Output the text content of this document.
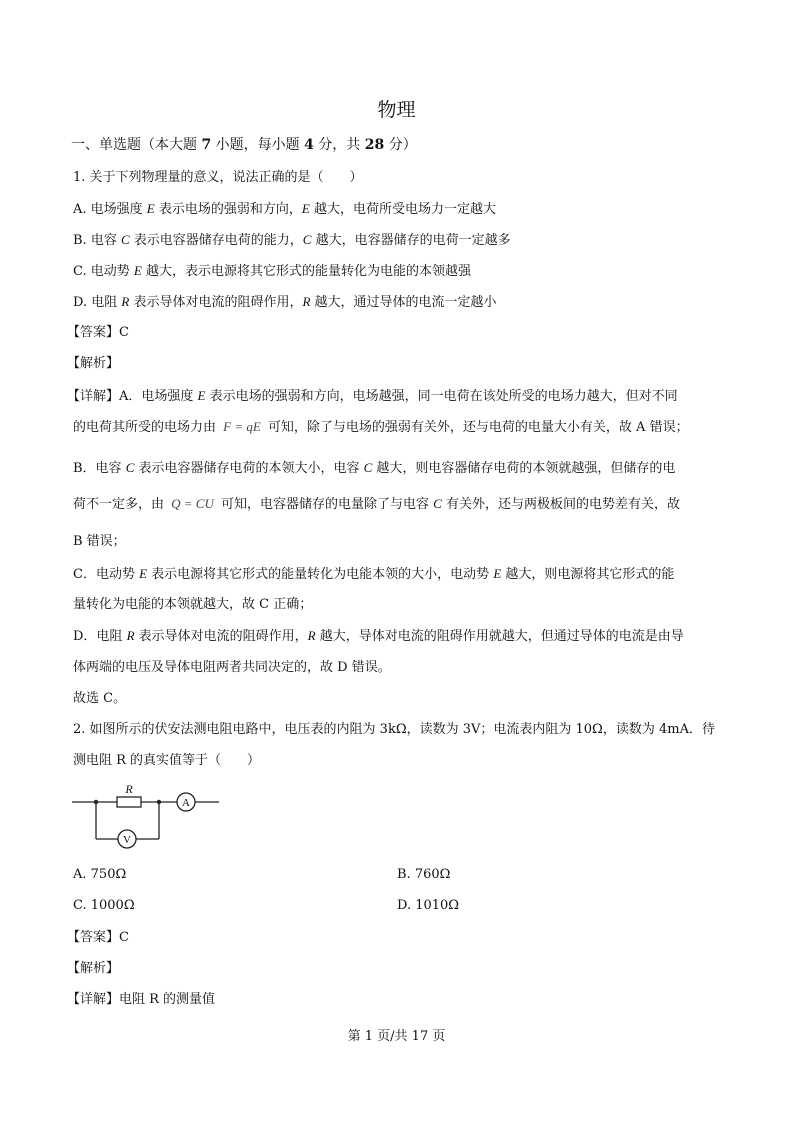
物理
一、单选题（本大题 7 小题，每小题 4 分，共 28 分）
1. 关于下列物理量的意义，说法正确的是（　　）
A. 电场强度 E 表示电场的强弱和方向，E 越大，电荷所受电场力一定越大
B. 电容 C 表示电容器储存电荷的能力，C 越大，电容器储存的电荷一定越多
C. 电动势 E 越大，表示电源将其它形式的能量转化为电能的本领越强
D. 电阻 R 表示导体对电流的阻碍作用，R 越大，通过导体的电流一定越小
【答案】C
【解析】
【详解】A．电场强度 E 表示电场的强弱和方向，电场越强，同一电荷在该处所受的电场力越大，但对不同
的电荷其所受的电场力由 F = qE 可知，除了与电场的强弱有关外，还与电荷的电量大小有关，故 A 错误；
B．电容 C 表示电容器储存电荷的本领大小，电容 C 越大，则电容器储存电荷的本领就越强，但储存的电
荷不一定多，由 Q = CU 可知，电容器储存的电量除了与电容 C 有关外，还与两极板间的电势差有关，故
B 错误；
C．电动势 E 表示电源将其它形式的能量转化为电能本领的大小，电动势 E 越大，则电源将其它形式的能
量转化为电能的本领就越大，故 C 正确；
D．电阻 R 表示导体对电流的阻碍作用，R 越大，导体对电流的阻碍作用就越大，但通过导体的电流是由导
体两端的电压及导体电阻两者共同决定的，故 D 错误。
故选 C。
2. 如图所示的伏安法测电阻电路中，电压表的内阻为 3kΩ，读数为 3V；电流表内阻为 10Ω，读数为 4mA．待
测电阻 R 的真实值等于（　　）
R
A
V
A. 750Ω	B. 760Ω
C. 1000Ω	D. 1010Ω
【答案】C
【解析】
【详解】电阻 R 的测量值
第 1 页/共 17 页
